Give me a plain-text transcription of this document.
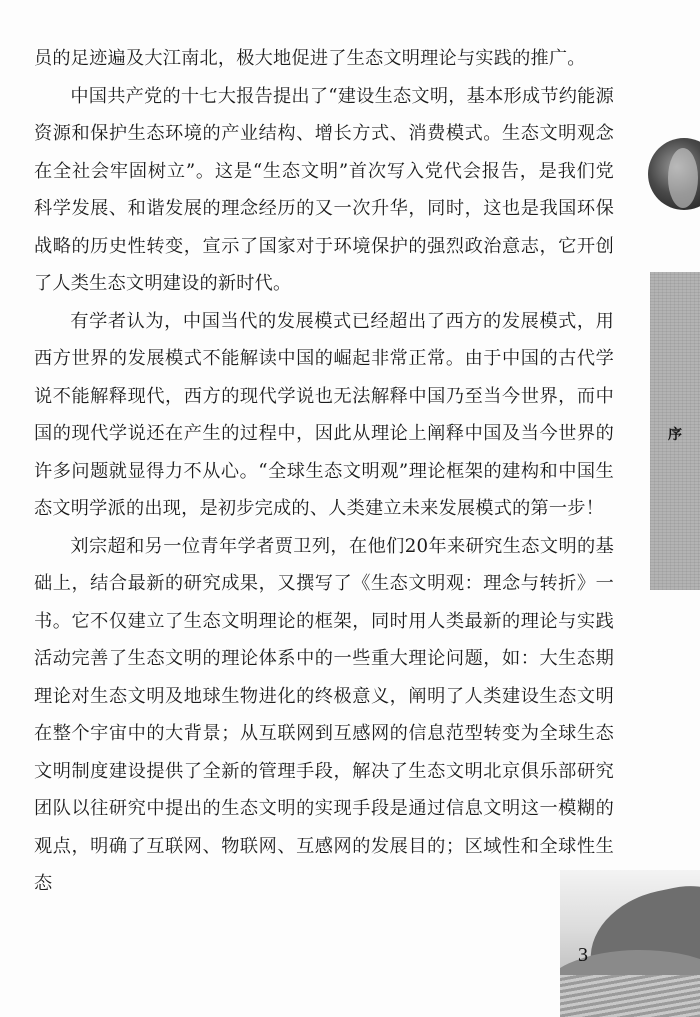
员的足迹遍及大江南北，极大地促进了生态文明理论与实践的推广。

中国共产党的十七大报告提出了“建设生态文明，基本形成节约能源资源和保护生态环境的产业结构、增长方式、消费模式。生态文明观念在全社会牢固树立”。这是“生态文明”首次写入党代会报告，是我们党科学发展、和谐发展的理念经历的又一次升华，同时，这也是我国环保战略的历史性转变，宣示了国家对于环境保护的强烈政治意志，它开创了人类生态文明建设的新时代。

有学者认为，中国当代的发展模式已经超出了西方的发展模式，用西方世界的发展模式不能解读中国的崛起非常正常。由于中国的古代学说不能解释现代，西方的现代学说也无法解释中国乃至当今世界，而中国的现代学说还在产生的过程中，因此从理论上阐释中国及当今世界的许多问题就显得力不从心。“全球生态文明观”理论框架的建构和中国生态文明学派的出现，是初步完成的、人类建立未来发展模式的第一步！

刘宗超和另一位青年学者贾卫列，在他们20年来研究生态文明的基础上，结合最新的研究成果，又撰写了《生态文明观：理念与转折》一书。它不仅建立了生态文明理论的框架，同时用人类最新的理论与实践活动完善了生态文明的理论体系中的一些重大理论问题，如：大生态期理论对生态文明及地球生物进化的终极意义，阐明了人类建设生态文明在整个宇宙中的大背景；从互联网到互感网的信息范型转变为全球生态文明制度建设提供了全新的管理手段，解决了生态文明北京俱乐部研究团队以往研究中提出的生态文明的实现手段是通过信息文明这一模糊的观点，明确了互联网、物联网、互感网的发展目的；区域性和全球性生态

序
3
